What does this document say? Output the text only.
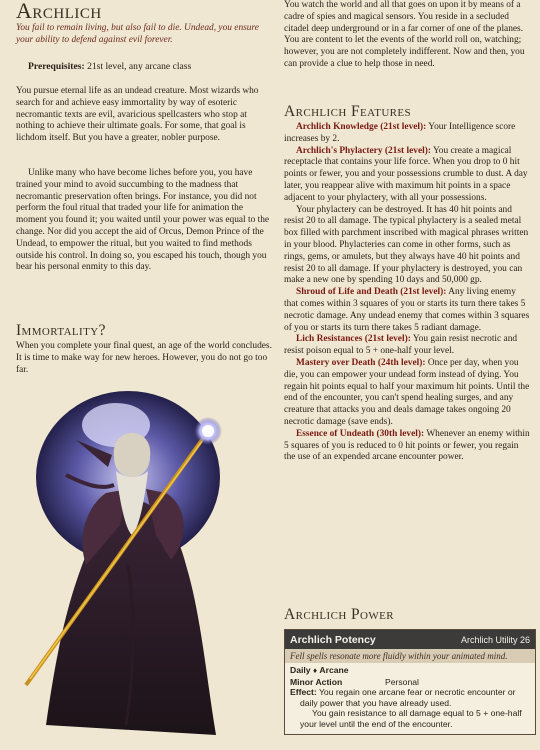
Archlich

You fail to remain living, but also fail to die. Undead, you ensure your ability to defend against evil forever.

Prerequisites: 21st level, any arcane class

You pursue eternal life as an undead creature. Most wizards who search for and achieve easy immortality by way of esoteric necromantic texts are evil, avaricious spellcasters who stop at nothing to achieve their ultimate goals. For some, that goal is lichdom itself. But you have a greater, nobler purpose.

Unlike many who have become liches before you, you have trained your mind to avoid succumbing to the madness that necromantic preservation often brings. For instance, you did not perform the foul ritual that traded your life for animation the moment you found it; you waited until your power was equal to the change. Nor did you accept the aid of Orcus, Demon Prince of the Undead, to empower the ritual, but you waited to find methods outside his control. In doing so, you escaped his touch, though you bear his personal enmity to this day.

Immortality?

When you complete your final quest, an age of the world concludes. It is time to make way for new heroes. However, you do not go too far.

You watch the world and all that goes on upon it by means of a cadre of spies and magical sensors. You reside in a secluded citadel deep underground or in a far corner of one of the planes. You are content to let the events of the world roll on, watching; however, you are not completely indifferent. Now and then, you can provide a clue to help those in need.

Archlich Features

Archlich Knowledge (21st level): Your Intelligence score increases by 2.

Archlich's Phylactery (21st level): You create a magical receptacle that contains your life force. When you drop to 0 hit points or fewer, you and your possessions crumble to dust. A day later, you reappear alive with maximum hit points in a space adjacent to your phylactery, with all your possessions.

Your phylactery can be destroyed. It has 40 hit points and resist 20 to all damage. The typical phylactery is a sealed metal box filled with parchment inscribed with magical phrases written in your blood. Phylacteries can come in other forms, such as rings, gems, or amulets, but they always have 40 hit points and resist 20 to all damage. If your phylactery is destroyed, you can make a new one by spending 10 days and 50,000 gp.

Shroud of Life and Death (21st level): Any living enemy that comes within 3 squares of you or starts its turn there takes 5 necrotic damage. Any undead enemy that comes within 3 squares of you or starts its turn there takes 5 radiant damage.

Lich Resistances (21st level): You gain resist necrotic and resist poison equal to 5 + one-half your level.

Mastery over Death (24th level): Once per day, when you die, you can empower your undead form instead of dying. You regain hit points equal to half your maximum hit points. Until the end of the encounter, you can't spend healing surges, and any creature that attacks you and deals damage takes ongoing 20 necrotic damage (save ends).

Essence of Undeath (30th level): Whenever an enemy within 5 squares of you is reduced to 0 hit points or fewer, you regain the use of an expended arcane encounter power.

Archlich Power
Archlich Potency	Archlich Utility 26
Fell spells resonate more fluidly within your animated mind.
Daily ♦ Arcane
Minor Action	Personal
Effect: You regain one arcane fear or necrotic encounter or daily power that you have already used.
You gain resistance to all damage equal to 5 + one-half your level until the end of the encounter.
